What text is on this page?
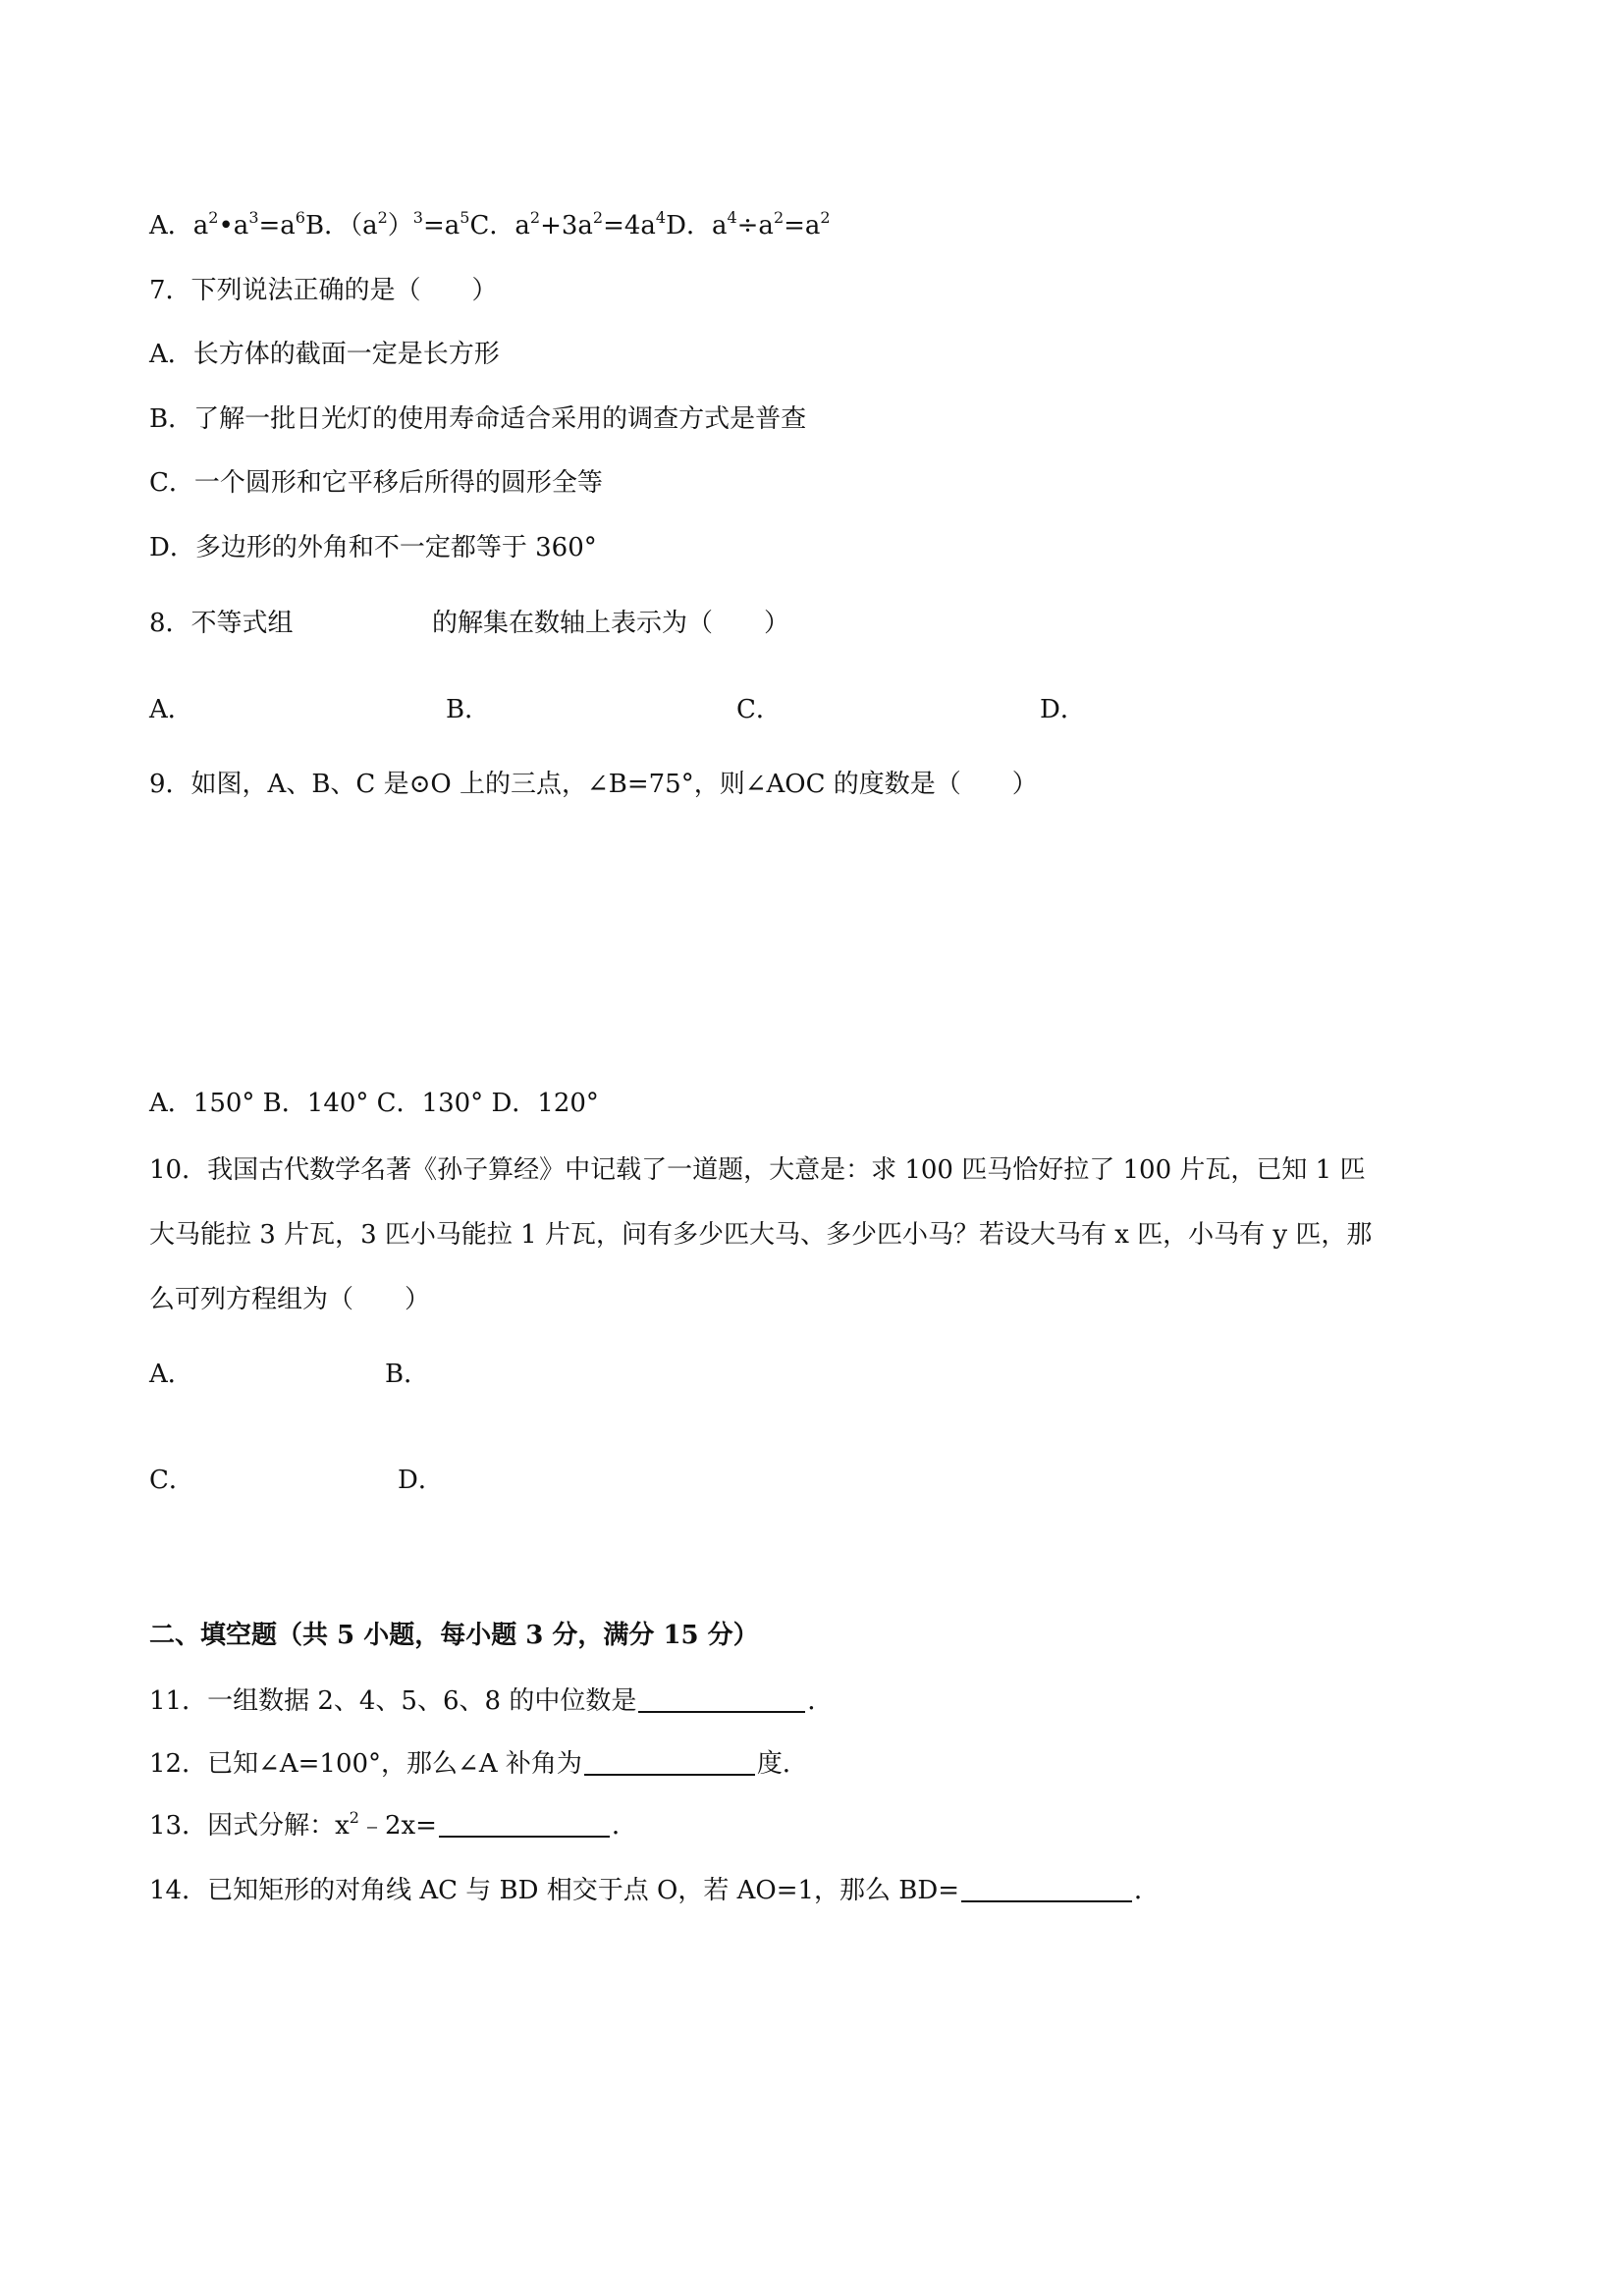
A．$a^2•a^3=a^6B$．$(a^2)^3=a^5C$．$a^2+3a^2=4a^4D$．$a^4\div a^2=a^2$
7．下列说法正确的是（　　）
A．长方体的截面一定是长方形
B．了解一批日光灯的使用寿命适合采用的调查方式是普查
C．一个圆形和它平移后所得的圆形全等
D．多边形的外角和不一定都等于 360°
8．不等式组	的解集在数轴上表示为（　　）
A．	B．	C．	D．
9．如图，A、B、C 是⊙O 上的三点，∠B=75°，则∠AOC 的度数是（　　）
A．150° B．140° C．130° D．120°
10．我国古代数学名著《孙子算经》中记载了一道题，大意是：求 100 匹马恰好拉了 100 片瓦，已知 1 匹
大马能拉 3 片瓦，3 匹小马能拉 1 片瓦，问有多少匹大马、多少匹小马？若设大马有 x 匹，小马有 y 匹，那
么可列方程组为（　　）
A．	B．
C．	D．
二、填空题（共 5 小题，每小题 3 分，满分 15 分）
11．一组数据 2、4、5、6、8 的中位数是	．
12．已知∠A=100°，那么∠A 补角为	度．
13．因式分解：$x^2﹣2x=$	．
14．已知矩形的对角线 AC 与 BD 相交于点 O，若 AO=1，那么 BD=	．
